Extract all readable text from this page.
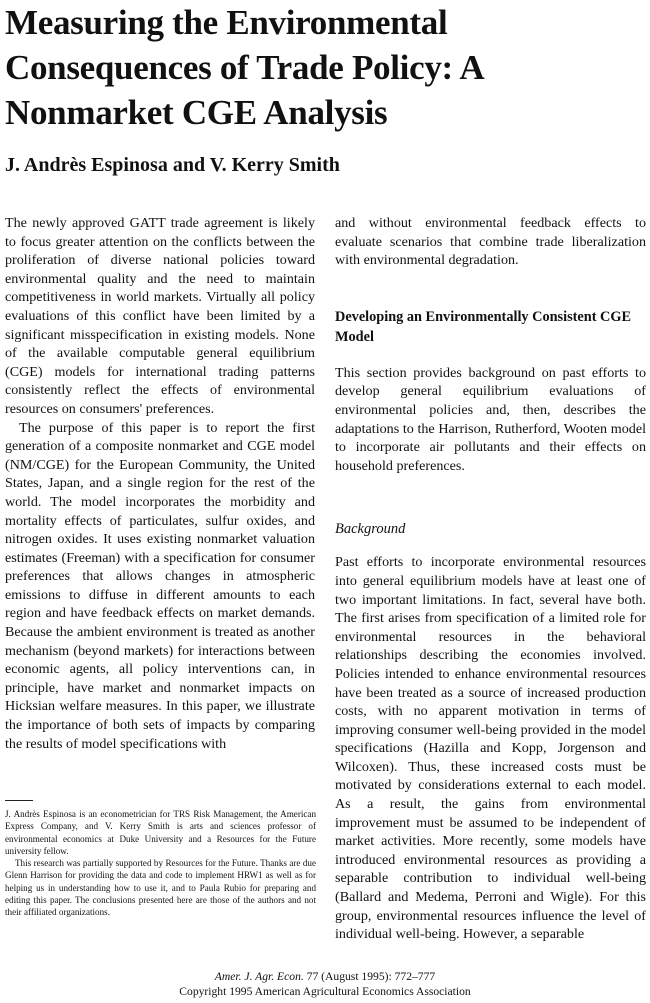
Measuring the Environmental Consequences of Trade Policy: A Nonmarket CGE Analysis

J. Andrès Espinosa and V. Kerry Smith

The newly approved GATT trade agreement is likely to focus greater attention on the conflicts between the proliferation of diverse national policies toward environmental quality and the need to maintain competitiveness in world markets. Virtually all policy evaluations of this conflict have been limited by a significant misspecification in existing models. None of the available computable general equilibrium (CGE) models for international trading patterns consistently reflect the effects of environmental resources on consumers' preferences.

The purpose of this paper is to report the first generation of a composite nonmarket and CGE model (NM/CGE) for the European Community, the United States, Japan, and a single region for the rest of the world. The model incorporates the morbidity and mortality effects of particulates, sulfur oxides, and nitrogen oxides. It uses existing nonmarket valuation estimates (Freeman) with a specification for consumer preferences that allows changes in atmospheric emissions to diffuse in different amounts to each region and have feedback effects on market demands. Because the ambient environment is treated as another mechanism (beyond markets) for interactions between economic agents, all policy interventions can, in principle, have market and nonmarket impacts on Hicksian welfare measures. In this paper, we illustrate the importance of both sets of impacts by comparing the results of model specifications with

J. Andrès Espinosa is an econometrician for TRS Risk Management, the American Express Company, and V. Kerry Smith is arts and sciences professor of environmental economics at Duke University and a Resources for the Future university fellow.

This research was partially supported by Resources for the Future. Thanks are due Glenn Harrison for providing the data and code to implement HRW1 as well as for helping us in understanding how to use it, and to Paula Rubio for preparing and editing this paper. The conclusions presented here are those of the authors and not their affiliated organizations.

and without environmental feedback effects to evaluate scenarios that combine trade liberalization with environmental degradation.

Developing an Environmentally Consistent CGE Model

This section provides background on past efforts to develop general equilibrium evaluations of environmental policies and, then, describes the adaptations to the Harrison, Rutherford, Wooten model to incorporate air pollutants and their effects on household preferences.

Background

Past efforts to incorporate environmental resources into general equilibrium models have at least one of two important limitations. In fact, several have both. The first arises from specification of a limited role for environmental resources in the behavioral relationships describing the economies involved. Policies intended to enhance environmental resources have been treated as a source of increased production costs, with no apparent motivation in terms of improving consumer well-being provided in the model specifications (Hazilla and Kopp, Jorgenson and Wilcoxen). Thus, these increased costs must be motivated by considerations external to each model. As a result, the gains from environmental improvement must be assumed to be independent of market activities. More recently, some models have introduced environmental resources as providing a separable contribution to individual well-being (Ballard and Medema, Perroni and Wigle). For this group, environmental resources influence the level of individual well-being. However, a separable

Amer. J. Agr. Econ. 77 (August 1995): 772–777
Copyright 1995 American Agricultural Economics Association
